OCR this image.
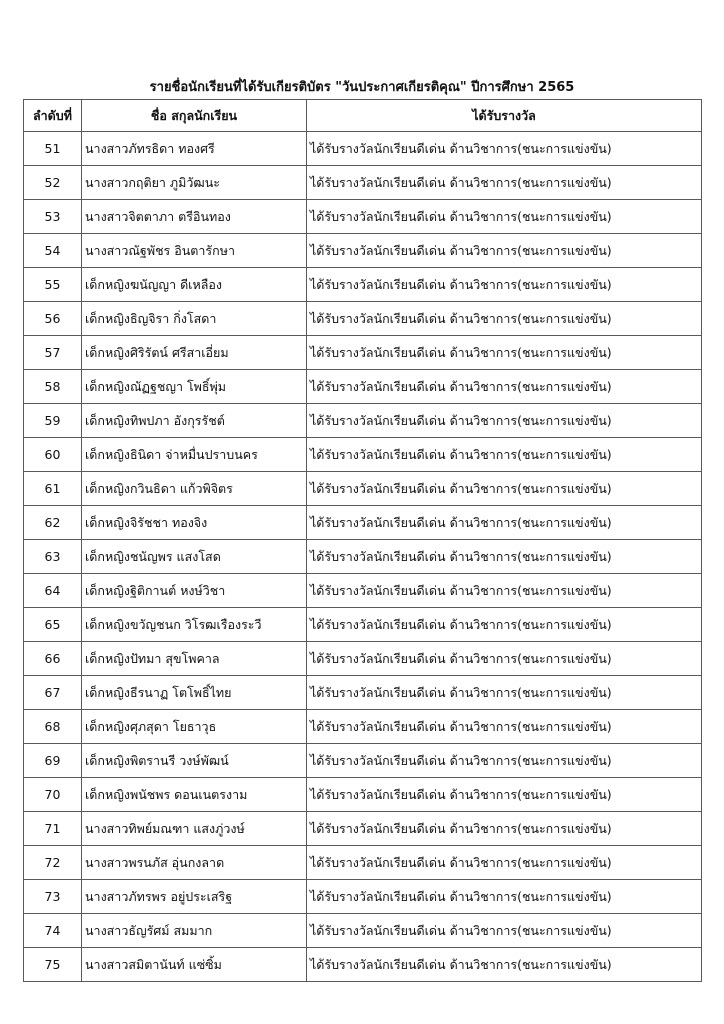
รายชื่อนักเรียนที่ได้รับเกียรติบัตร "วันประกาศเกียรติคุณ" ปีการศึกษา 2565
ลำดับที่	ชื่อ สกุลนักเรียน	ได้รับรางวัล
51	นางสาวภัทรธิดา ทองศรี	ได้รับรางวัลนักเรียนดีเด่น ด้านวิชาการ(ชนะการแข่งขัน)
52	นางสาวกฤติยา ภูมิวัฒนะ	ได้รับรางวัลนักเรียนดีเด่น ด้านวิชาการ(ชนะการแข่งขัน)
53	นางสาวจิตตาภา ตรีอินทอง	ได้รับรางวัลนักเรียนดีเด่น ด้านวิชาการ(ชนะการแข่งขัน)
54	นางสาวณัฐพัชร อินตารักษา	ได้รับรางวัลนักเรียนดีเด่น ด้านวิชาการ(ชนะการแข่งขัน)
55	เด็กหญิงฆนัญญา ดีเหลือง	ได้รับรางวัลนักเรียนดีเด่น ด้านวิชาการ(ชนะการแข่งขัน)
56	เด็กหญิงธิญจิรา กิ่งโสดา	ได้รับรางวัลนักเรียนดีเด่น ด้านวิชาการ(ชนะการแข่งขัน)
57	เด็กหญิงศิริรัตน์ ศรีสาเอี่ยม	ได้รับรางวัลนักเรียนดีเด่น ด้านวิชาการ(ชนะการแข่งขัน)
58	เด็กหญิงณัฏฐชญา โพธิ์พุ่ม	ได้รับรางวัลนักเรียนดีเด่น ด้านวิชาการ(ชนะการแข่งขัน)
59	เด็กหญิงทิพปภา อังกุรรัชต์	ได้รับรางวัลนักเรียนดีเด่น ด้านวิชาการ(ชนะการแข่งขัน)
60	เด็กหญิงธินิดา จ่าหมื่นปราบนคร	ได้รับรางวัลนักเรียนดีเด่น ด้านวิชาการ(ชนะการแข่งขัน)
61	เด็กหญิงกวินธิดา แก้วพิจิตร	ได้รับรางวัลนักเรียนดีเด่น ด้านวิชาการ(ชนะการแข่งขัน)
62	เด็กหญิงจิรัชชา ทองจิง	ได้รับรางวัลนักเรียนดีเด่น ด้านวิชาการ(ชนะการแข่งขัน)
63	เด็กหญิงชนัญพร แสงโสด	ได้รับรางวัลนักเรียนดีเด่น ด้านวิชาการ(ชนะการแข่งขัน)
64	เด็กหญิงฐิติกานต์ หงษ์วิชา	ได้รับรางวัลนักเรียนดีเด่น ด้านวิชาการ(ชนะการแข่งขัน)
65	เด็กหญิงขวัญชนก วิโรฒเรืองระวี	ได้รับรางวัลนักเรียนดีเด่น ด้านวิชาการ(ชนะการแข่งขัน)
66	เด็กหญิงปัทมา สุขโพคาล	ได้รับรางวัลนักเรียนดีเด่น ด้านวิชาการ(ชนะการแข่งขัน)
67	เด็กหญิงธีรนาฏ โตโพธิ์ไทย	ได้รับรางวัลนักเรียนดีเด่น ด้านวิชาการ(ชนะการแข่งขัน)
68	เด็กหญิงศุภสุดา โยธาวุธ	ได้รับรางวัลนักเรียนดีเด่น ด้านวิชาการ(ชนะการแข่งขัน)
69	เด็กหญิงพิตรานรี วงษ์พัฒน์	ได้รับรางวัลนักเรียนดีเด่น ด้านวิชาการ(ชนะการแข่งขัน)
70	เด็กหญิงพนัชพร ดอนเนตรงาม	ได้รับรางวัลนักเรียนดีเด่น ด้านวิชาการ(ชนะการแข่งขัน)
71	นางสาวทิพย์มณฑา แสงภู่วงษ์	ได้รับรางวัลนักเรียนดีเด่น ด้านวิชาการ(ชนะการแข่งขัน)
72	นางสาวพรนภัส อุ่นกงลาด	ได้รับรางวัลนักเรียนดีเด่น ด้านวิชาการ(ชนะการแข่งขัน)
73	นางสาวภัทรพร อยู่ประเสริฐ	ได้รับรางวัลนักเรียนดีเด่น ด้านวิชาการ(ชนะการแข่งขัน)
74	นางสาวธัญรัศม์ สมมาก	ได้รับรางวัลนักเรียนดีเด่น ด้านวิชาการ(ชนะการแข่งขัน)
75	นางสาวสมิตานันท์ แซ่ซิ้ม	ได้รับรางวัลนักเรียนดีเด่น ด้านวิชาการ(ชนะการแข่งขัน)
